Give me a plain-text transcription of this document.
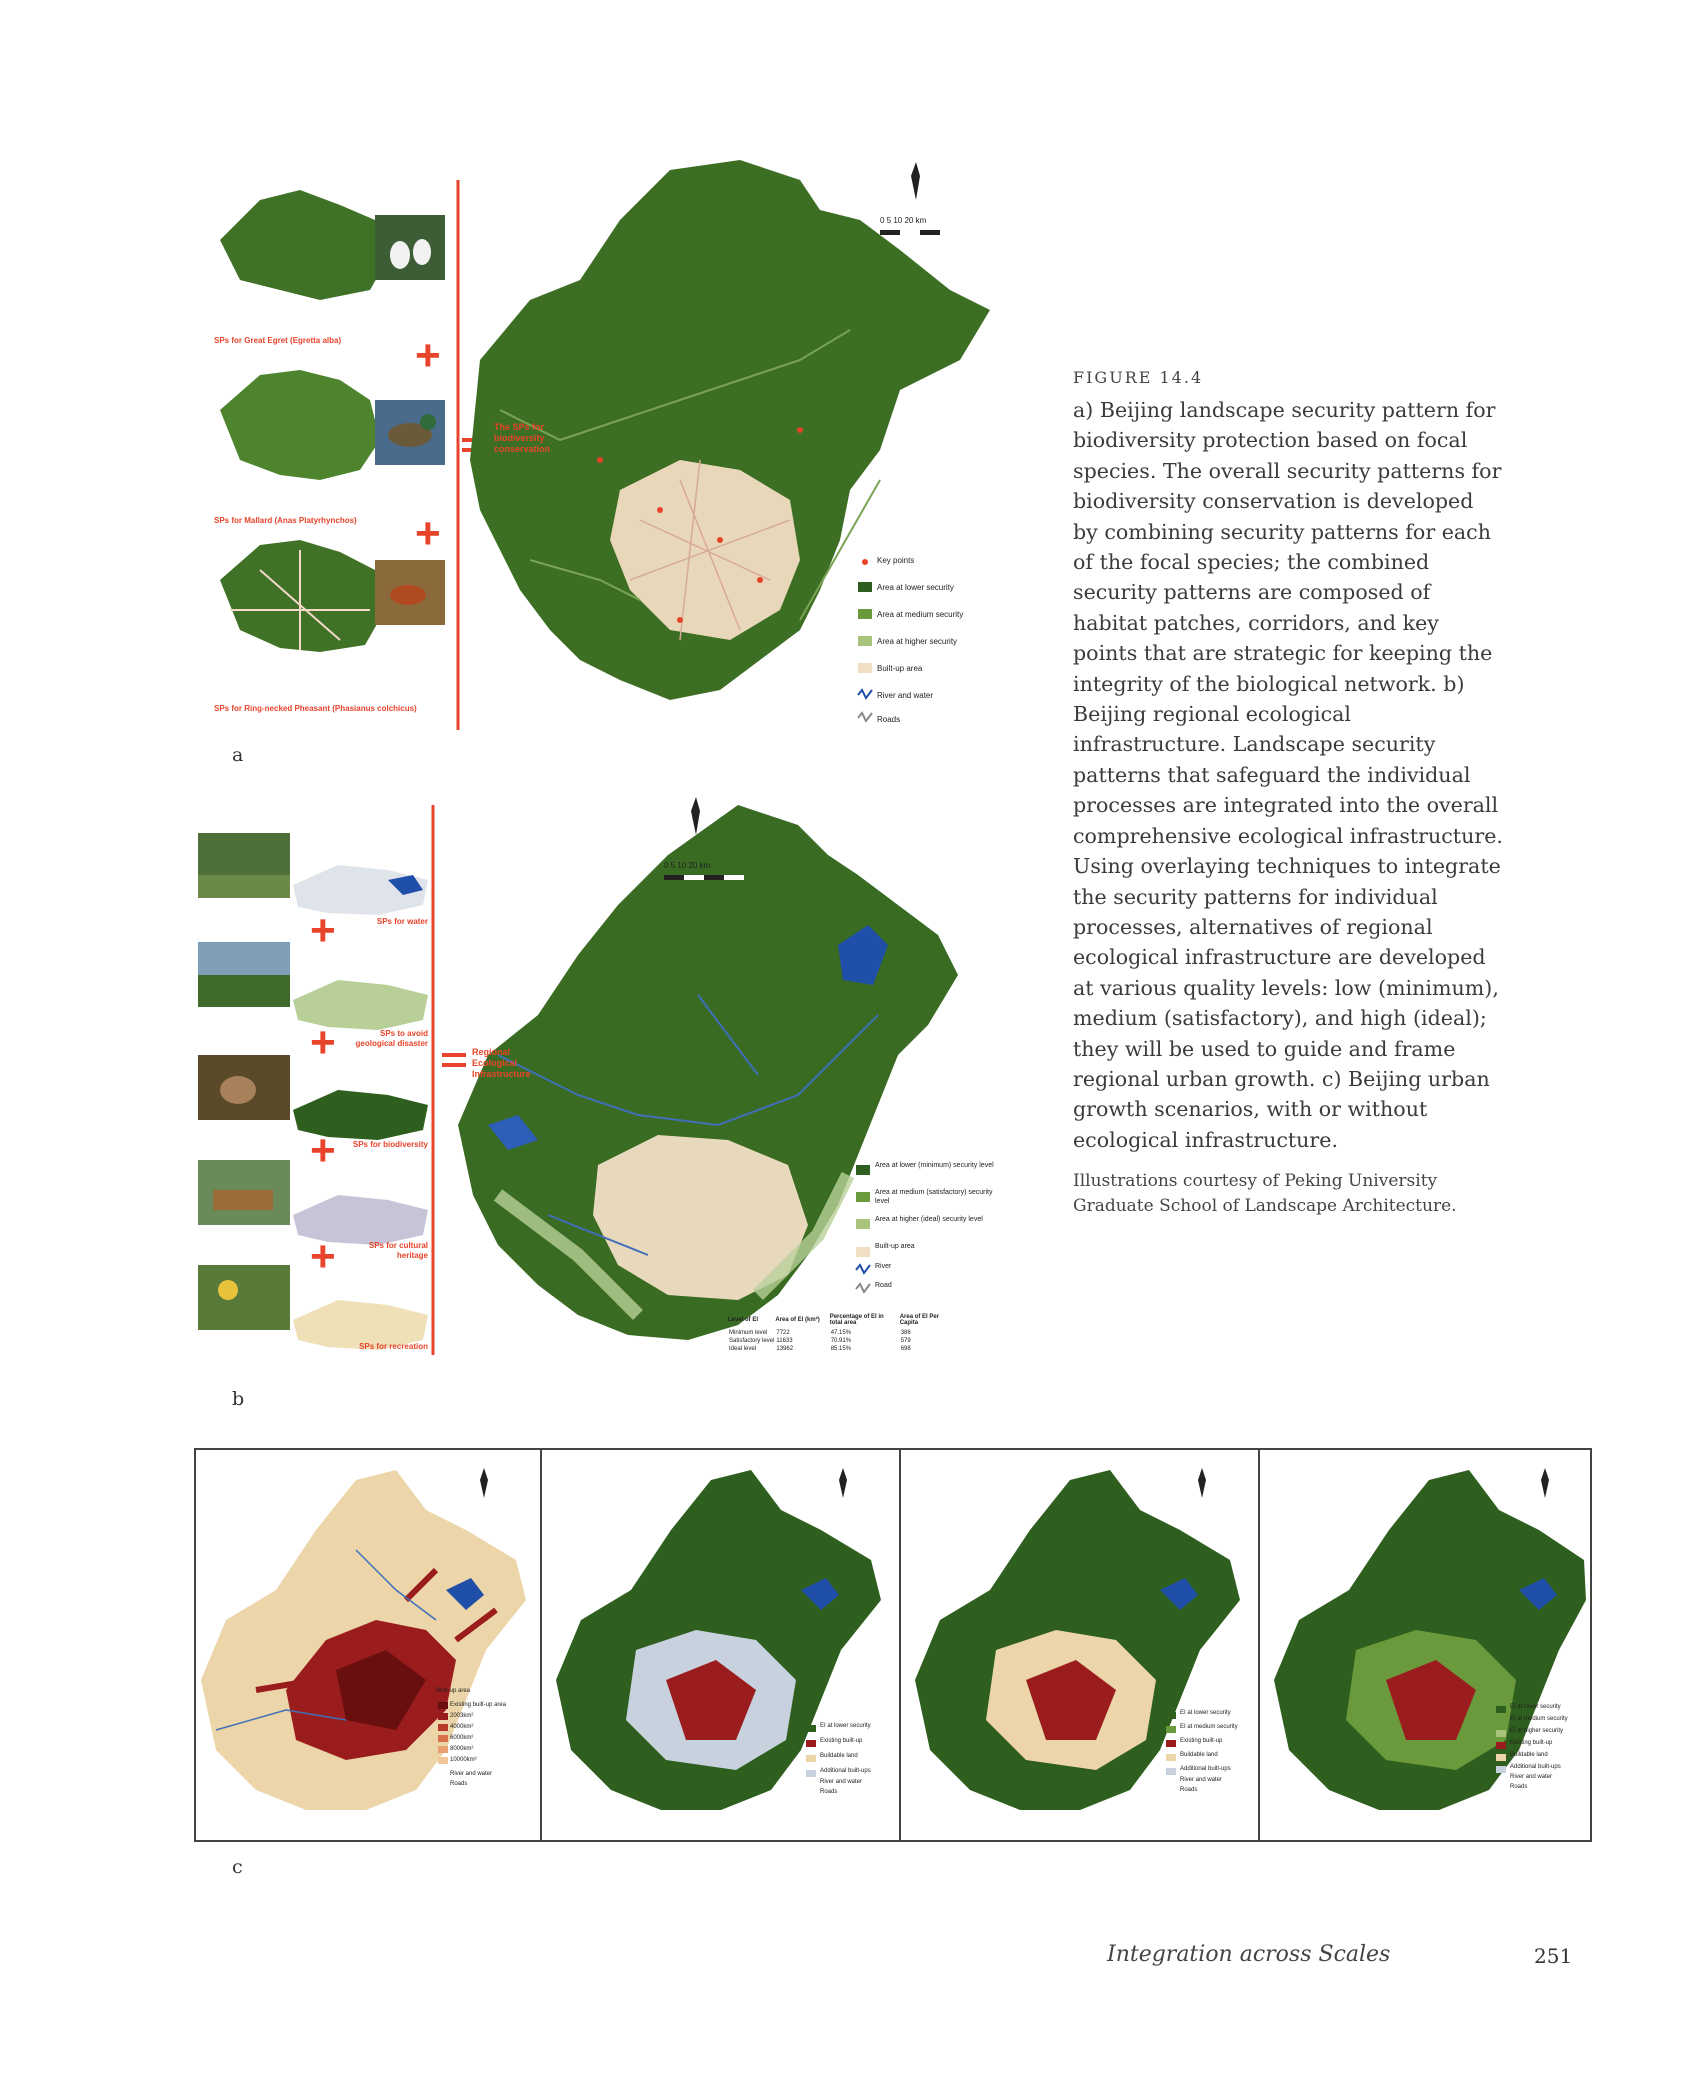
+
+
SPs for Great Egret (Egretta alba)
SPs for Mallard (Anas Platyrhynchos)
SPs for Ring-necked Pheasant (Phasianus colchicus)
The SPs for biodiversity conservation
0 5 10 20 km
Key points
Area at lower security
Area at medium security
Area at higher security
Built-up area
River and water
Roads
a
+
+
+
+
SPs for water
SPs to avoid geological disaster
SPs for biodiversity
SPs for cultural heritage
SPs for recreation
Regional Ecological Infrastructure
0 5 10 20 km
Area at lower (minimum) security level
Area at medium (satisfactory) security level
Area at higher (ideal) security level
Built-up area
River
Road
Level of EI	Area of EI (km²)	Percentage of EI in total area	Area of EI Per Capita
Minimum level	7722	47.15%	386
Satisfactory level	11633	70.91%	579
Ideal level	13962	85.15%	698
b

FIGURE 14.4

a) Beijing landscape security pattern for biodiversity protection based on focal species. The overall security patterns for biodiversity conservation is developed by combining security patterns for each of the focal species; the combined security patterns are composed of habitat patches, corridors, and key points that are strategic for keeping the integrity of the biological network. b) Beijing regional ecological infrastructure. Landscape security patterns that safeguard the individual processes are integrated into the overall comprehensive ecological infrastructure. Using overlaying techniques to integrate the security patterns for individual processes, alternatives of regional ecological infrastructure are developed at various quality levels: low (minimum), medium (satisfactory), and high (ideal); they will be used to guide and frame regional urban growth. c) Beijing urban growth scenarios, with or without ecological infrastructure.

Illustrations courtesy of Peking University Graduate School of Landscape Architecture.

Built-up area
Existing built-up area
2003km²
4000km²
6000km²
8000km²
10000km²
River and water
Roads
EI at lower security
Existing built-up
Buildable land
Additional built-ups
River and water
Roads
EI at lower security
EI at medium security
Existing built-up
Buildable land
Additional built-ups
River and water
Roads
EI at lower security
EI at medium security
EI at higher security
Existing built-up
Buildable land
Additional built-ups
River and water
Roads
c
Integration across Scales	251
